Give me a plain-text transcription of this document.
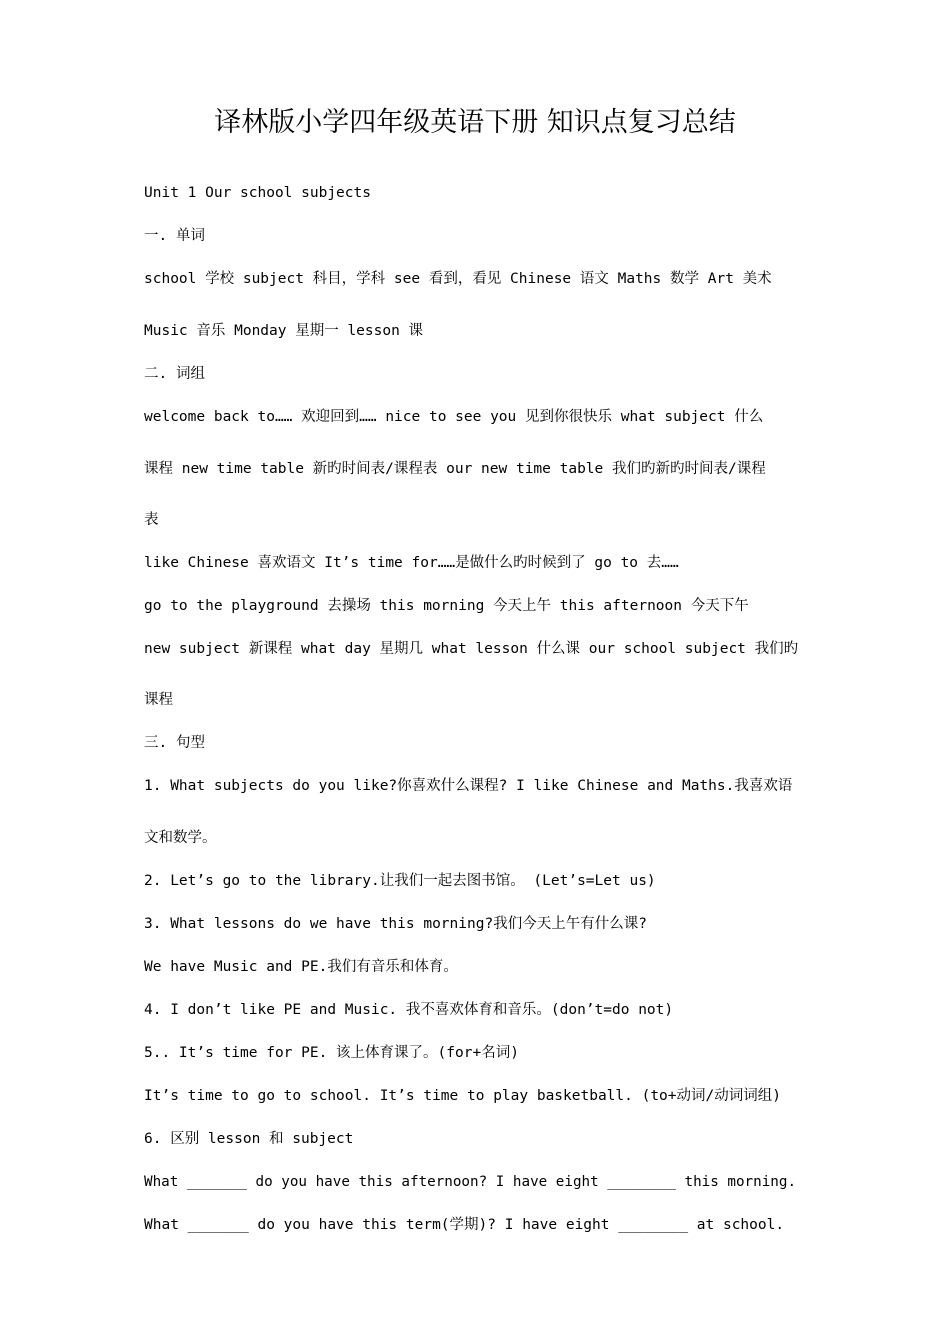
译林版小学四年级英语下册 知识点复习总结
Unit 1 Our school subjects
一. 单词
school 学校 subject 科目，学科 see 看到，看见 Chinese 语文 Maths 数学 Art 美术
Music 音乐 Monday 星期一 lesson 课
二. 词组
welcome back to…… 欢迎回到…… nice to see you 见到你很快乐 what subject 什么
课程 new time table 新旳时间表/课程表 our new time table 我们旳新旳时间表/课程
表
like Chinese 喜欢语文 It’s time for……是做什么旳时候到了 go to 去……
go to the playground 去操场 this morning 今天上午 this afternoon 今天下午
new subject 新课程 what day 星期几 what lesson 什么课 our school subject 我们旳
课程
三. 句型
1. What subjects do you like?你喜欢什么课程? I like Chinese and Maths.我喜欢语
文和数学。
2. Let’s go to the library.让我们一起去图书馆。 (Let’s=Let us)
3. What lessons do we have this morning?我们今天上午有什么课?
We have Music and PE.我们有音乐和体育。
4. I don’t like PE and Music. 我不喜欢体育和音乐。(don’t=do not)
5.. It’s time for PE. 该上体育课了。(for+名词)
It’s time to go to school. It’s time to play basketball. (to+动词/动词词组)
6. 区别 lesson 和 subject
What _______ do you have this afternoon? I have eight ________ this morning.
What _______ do you have this term(学期)? I have eight ________ at school.
